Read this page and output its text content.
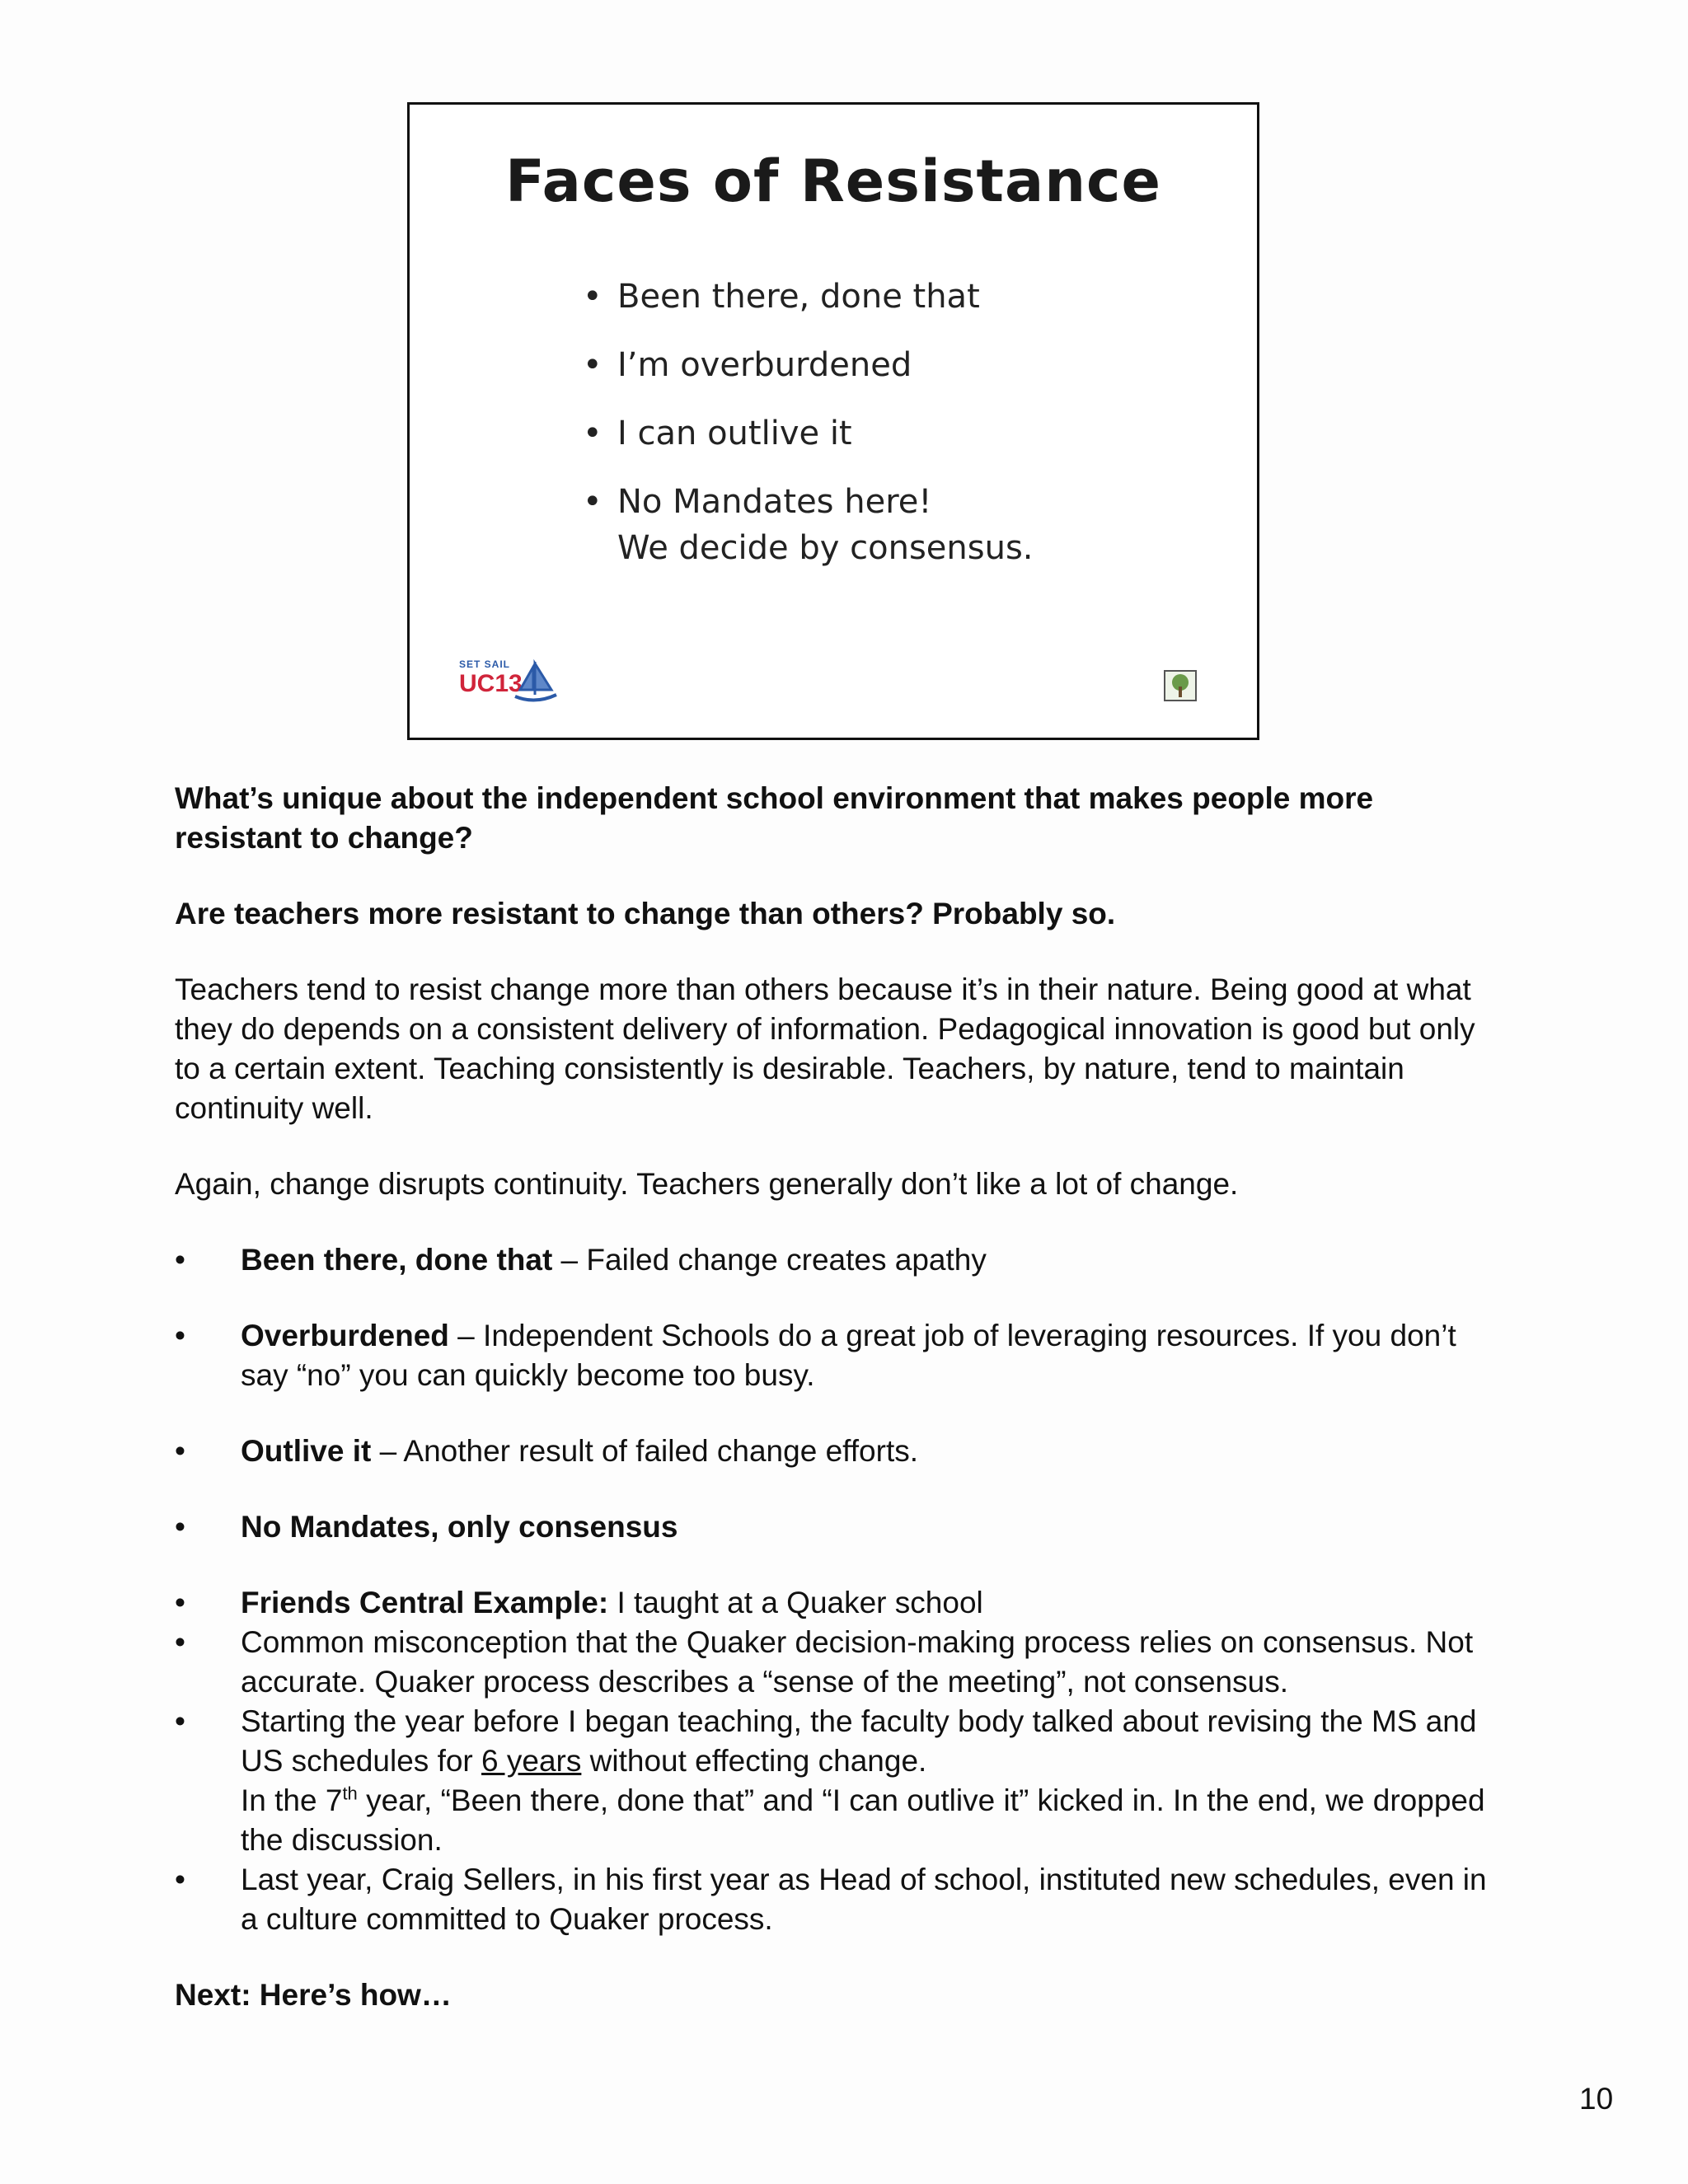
Faces of Resistance
• Been there, done that
• I’m overburdened
• I can outlive it
• No Mandates here!
We decide by consensus.
SET SAIL
UC13

What’s unique about the independent school environment that makes people more resistant to change?

Are teachers more resistant to change than others? Probably so.

Teachers tend to resist change more than others because it’s in their nature. Being good at what they do depends on a consistent delivery of information. Pedagogical innovation is good but only to a certain extent. Teaching consistently is desirable. Teachers, by nature, tend to maintain continuity well.

Again, change disrupts continuity. Teachers generally don’t like a lot of change.

• Been there, done that – Failed change creates apathy
• Overburdened – Independent Schools do a great job of leveraging resources. If you don’t say “no” you can quickly become too busy.
• Outlive it – Another result of failed change efforts.
• No Mandates, only consensus
• Friends Central Example: I taught at a Quaker school
• Common misconception that the Quaker decision-making process relies on consensus. Not accurate. Quaker process describes a “sense of the meeting”, not consensus.
• Starting the year before I began teaching, the faculty body talked about revising the MS and US schedules for 6 years without effecting change.
In the 7th year, “Been there, done that” and “I can outlive it” kicked in. In the end, we dropped the discussion.
• Last year, Craig Sellers, in his first year as Head of school, instituted new schedules, even in a culture committed to Quaker process.

Next: Here’s how…

10
